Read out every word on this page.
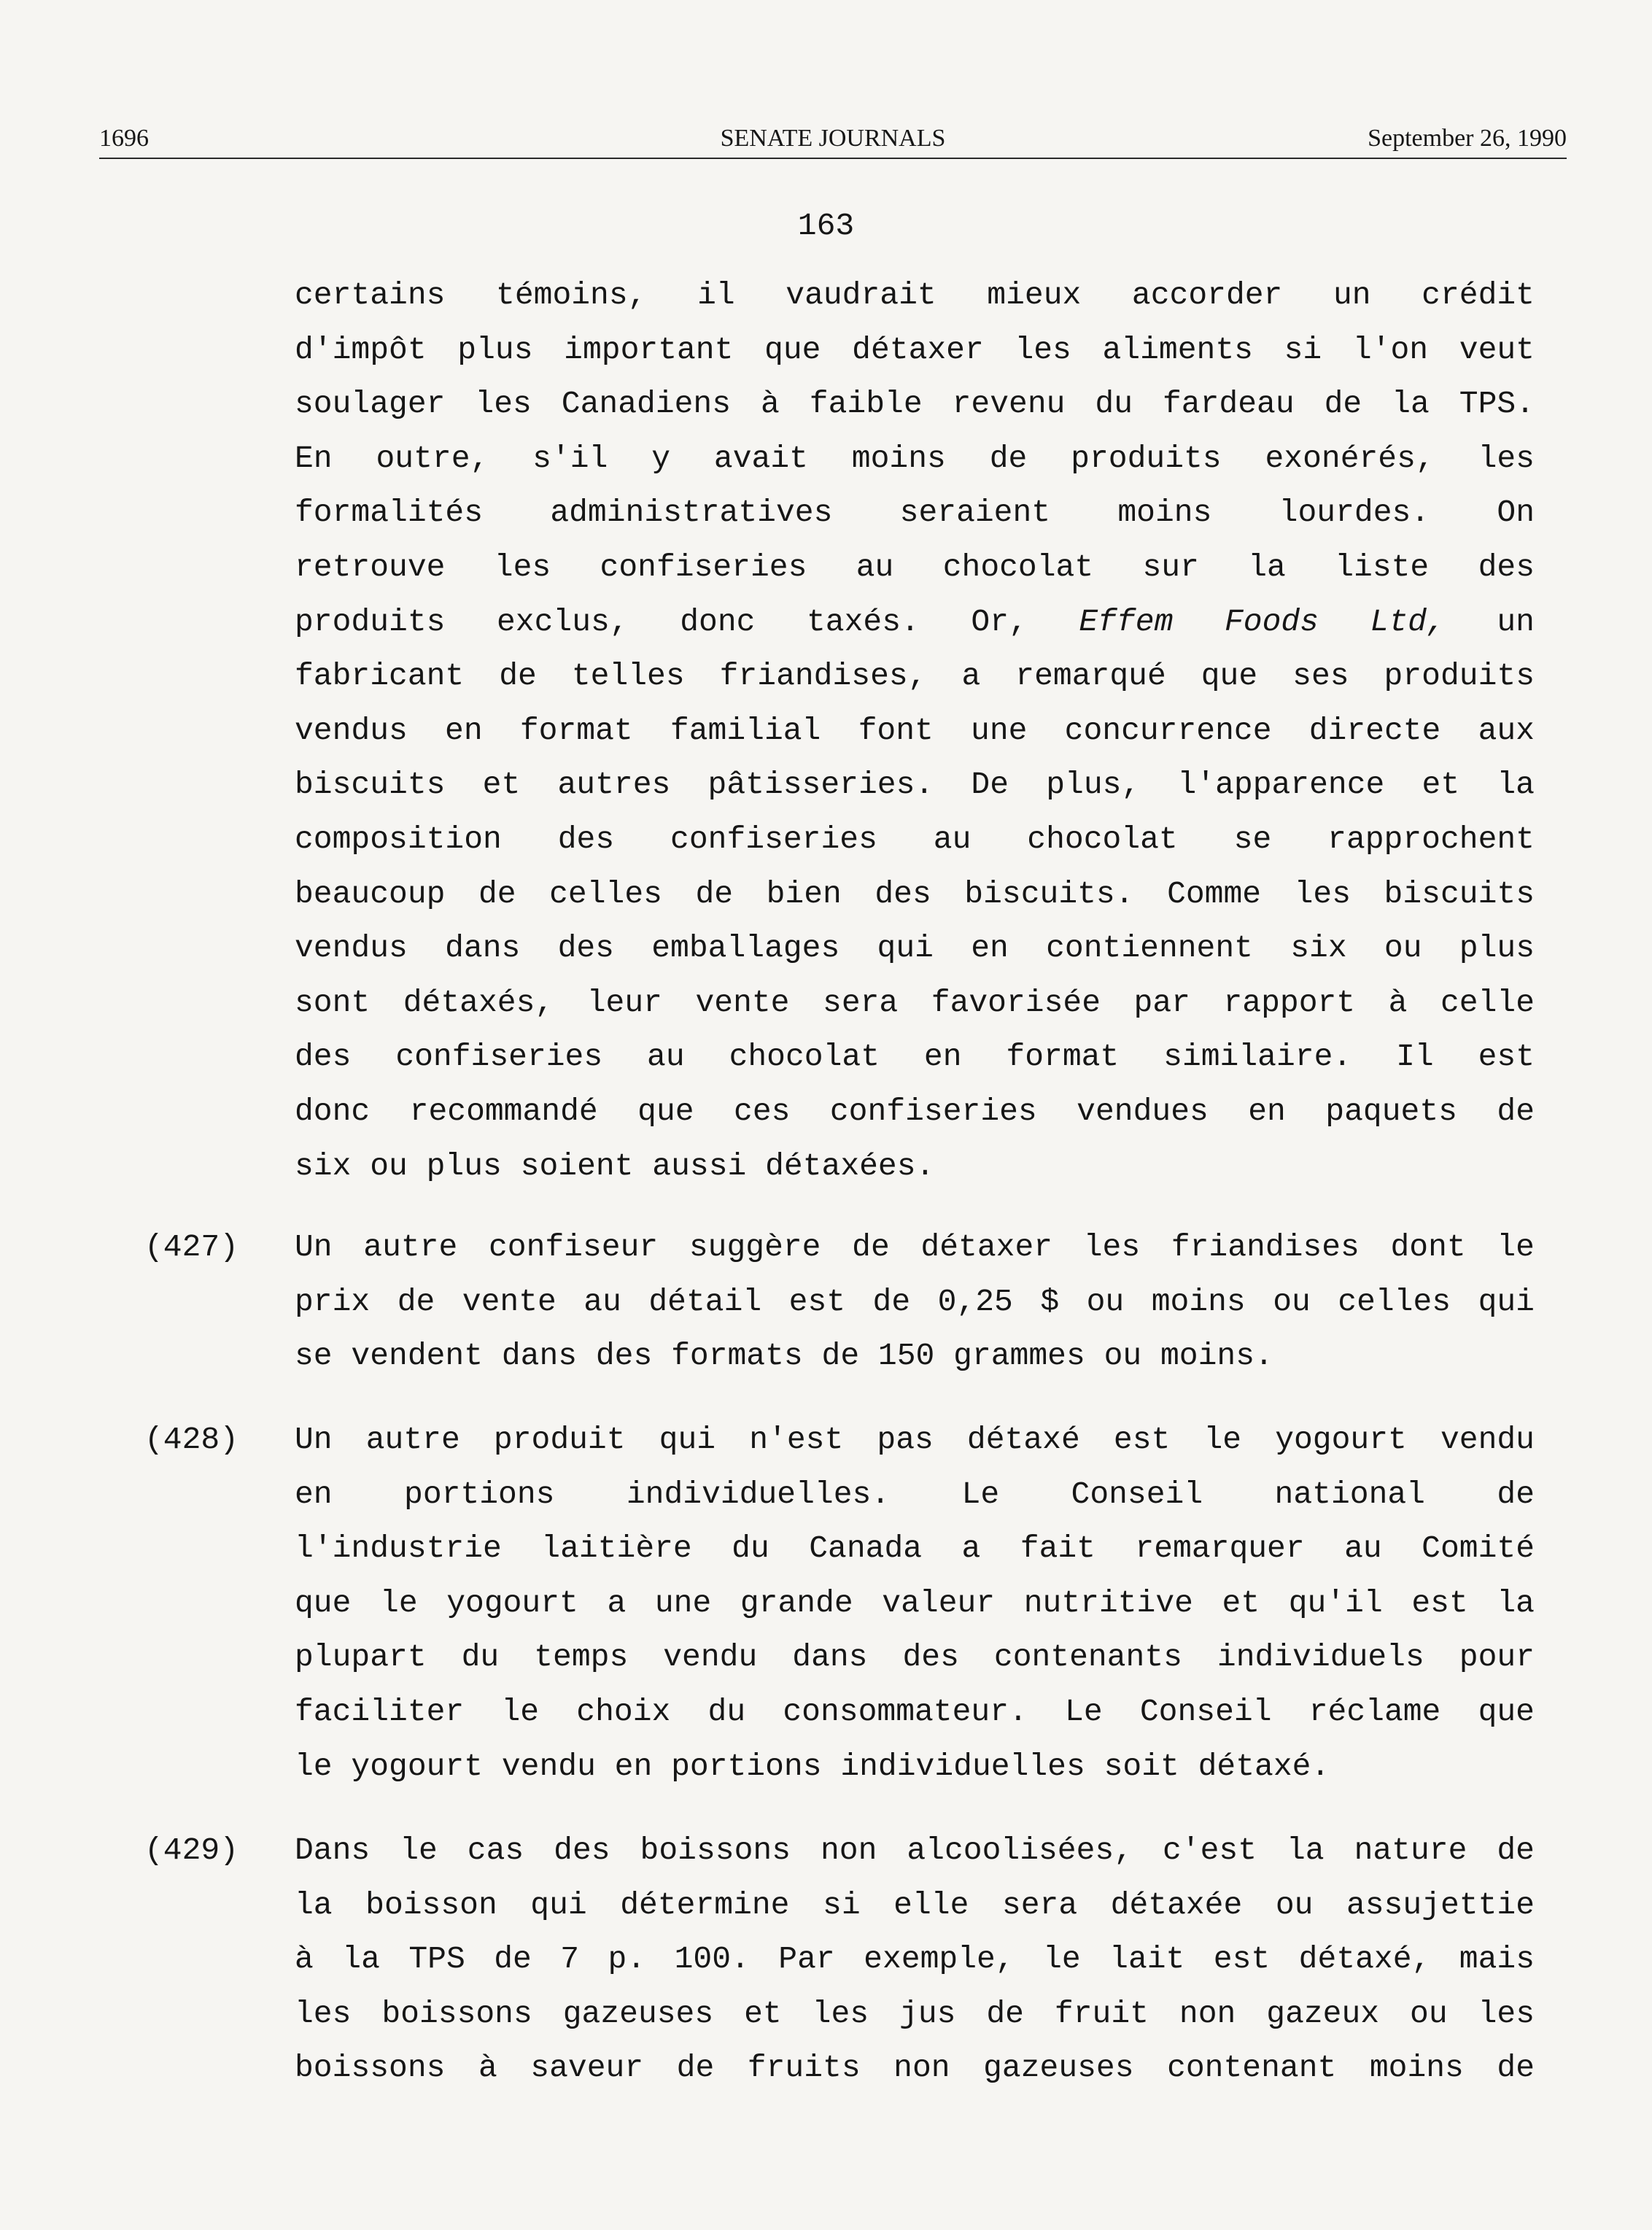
1696	SENATE JOURNALS	September 26, 1990
163
certains témoins, il vaudrait mieux accorder un crédit
d'impôt plus important que détaxer les aliments si l'on veut
soulager les Canadiens à faible revenu du fardeau de la TPS.
En outre, s'il y avait moins de produits exonérés, les
formalités administratives seraient moins lourdes. On
retrouve les confiseries au chocolat sur la liste des
produits exclus, donc taxés. Or, Effem Foods Ltd, un
fabricant de telles friandises, a remarqué que ses produits
vendus en format familial font une concurrence directe aux
biscuits et autres pâtisseries. De plus, l'apparence et la
composition des confiseries au chocolat se rapprochent
beaucoup de celles de bien des biscuits. Comme les biscuits
vendus dans des emballages qui en contiennent six ou plus
sont détaxés, leur vente sera favorisée par rapport à celle
des confiseries au chocolat en format similaire. Il est
donc recommandé que ces confiseries vendues en paquets de
six ou plus soient aussi détaxées.
(427) Un autre confiseur suggère de détaxer les friandises dont le
prix de vente au détail est de 0,25 $ ou moins ou celles qui
se vendent dans des formats de 150 grammes ou moins.
(428) Un autre produit qui n'est pas détaxé est le yogourt vendu
en portions individuelles. Le Conseil national de
l'industrie laitière du Canada a fait remarquer au Comité
que le yogourt a une grande valeur nutritive et qu'il est la
plupart du temps vendu dans des contenants individuels pour
faciliter le choix du consommateur. Le Conseil réclame que
le yogourt vendu en portions individuelles soit détaxé.
(429) Dans le cas des boissons non alcoolisées, c'est la nature de
la boisson qui détermine si elle sera détaxée ou assujettie
à la TPS de 7 p. 100. Par exemple, le lait est détaxé, mais
les boissons gazeuses et les jus de fruit non gazeux ou les
boissons à saveur de fruits non gazeuses contenant moins de
